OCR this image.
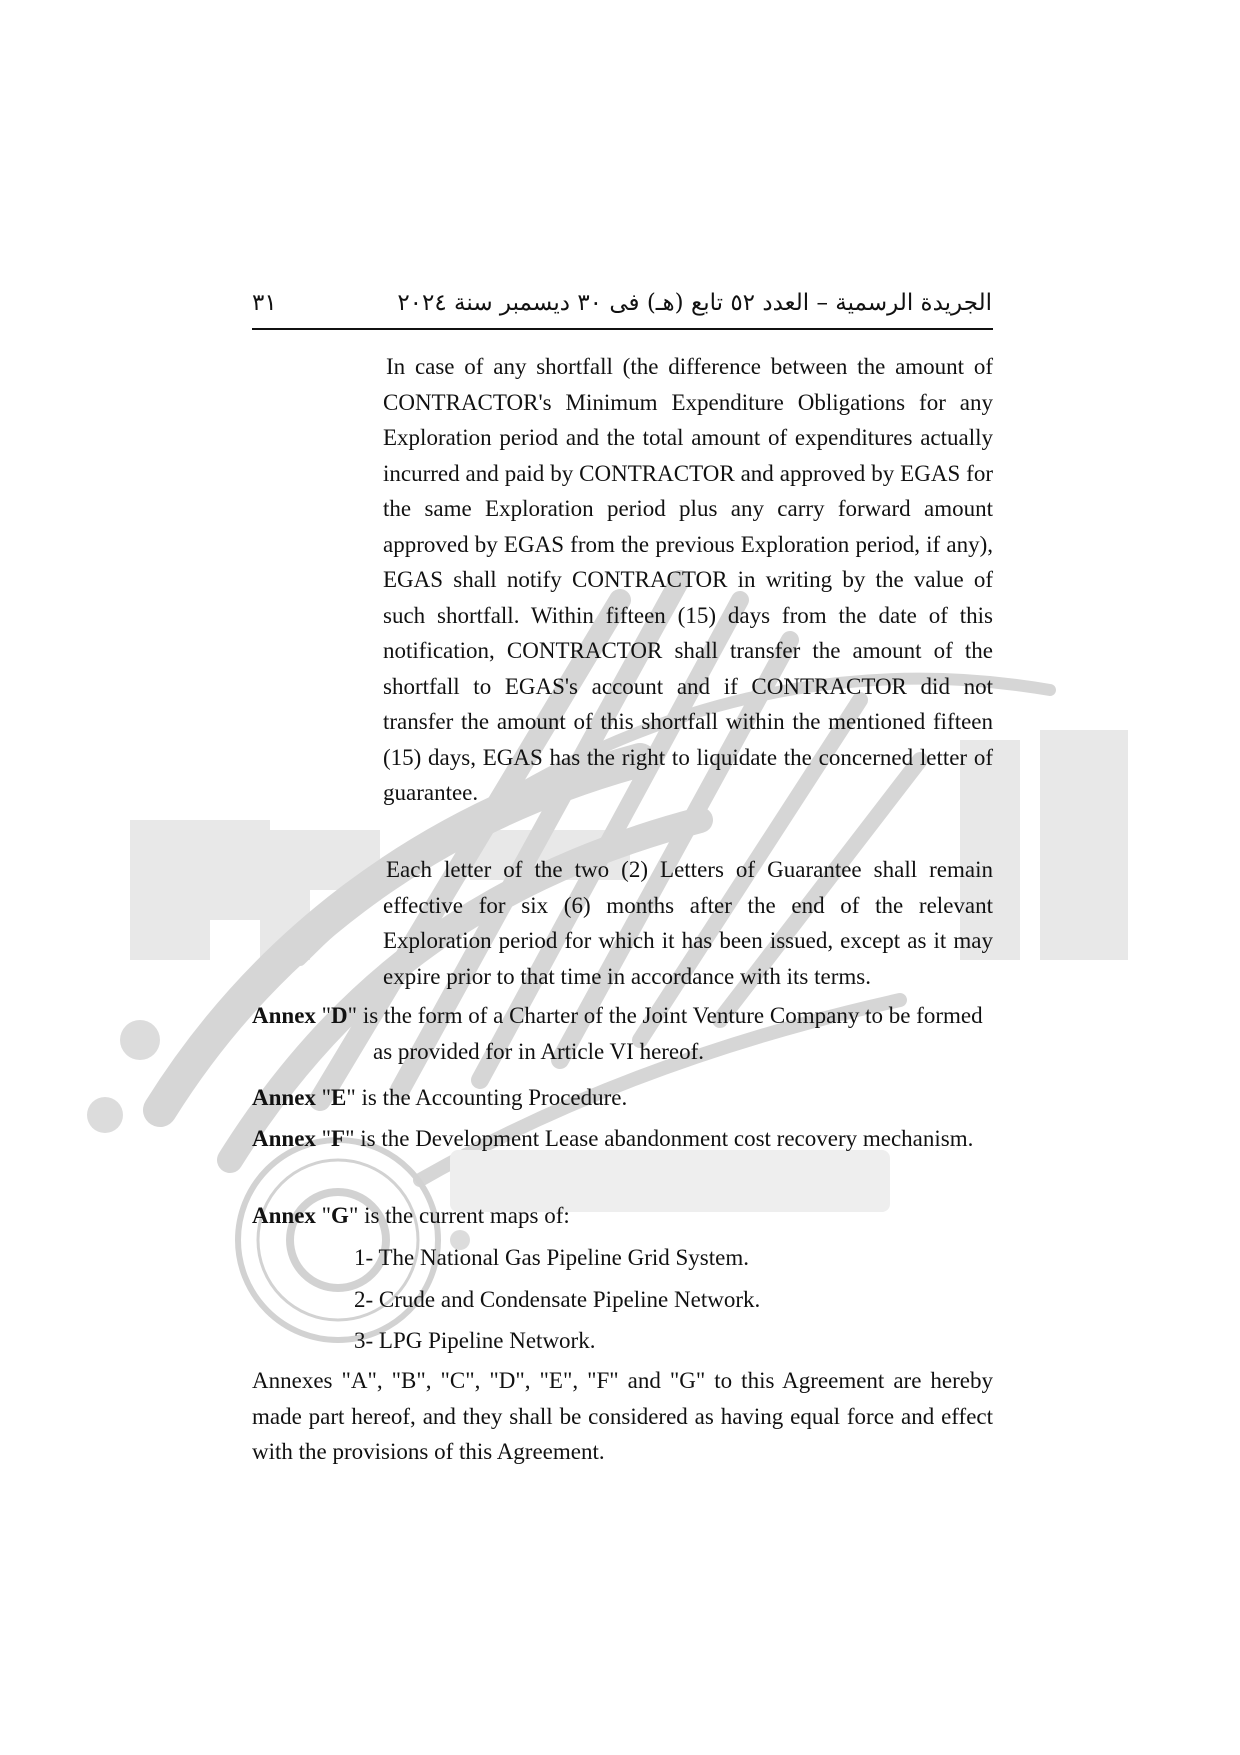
٣١	الجريدة الرسمية – العدد ٥٢ تابع (هـ) فى ٣٠ ديسمبر سنة ٢٠٢٤

In case of any shortfall (the difference between the amount of CONTRACTOR's Minimum Expenditure Obligations for any Exploration period and the total amount of expenditures actually incurred and paid by CONTRACTOR and approved by EGAS for the same Exploration period plus any carry forward amount approved by EGAS from the previous Exploration period, if any), EGAS shall notify CONTRACTOR in writing by the value of such shortfall. Within fifteen (15) days from the date of this notification, CONTRACTOR shall transfer the amount of the shortfall to EGAS's account and if CONTRACTOR did not transfer the amount of this shortfall within the mentioned fifteen (15) days, EGAS has the right to liquidate the concerned letter of guarantee.

Each letter of the two (2) Letters of Guarantee shall remain effective for six (6) months after the end of the relevant Exploration period for which it has been issued, except as it may expire prior to that time in accordance with its terms.

Annex "D" is the form of a Charter of the Joint Venture Company to be formed as provided for in Article VI hereof.

Annex "E" is the Accounting Procedure.

Annex "F" is the Development Lease abandonment cost recovery mechanism.

Annex "G" is the current maps of:

1- The National Gas Pipeline Grid System.
2- Crude and Condensate Pipeline Network.
3- LPG Pipeline Network.

Annexes "A", "B", "C", "D", "E", "F" and "G" to this Agreement are hereby made part hereof, and they shall be considered as having equal force and effect with the provisions of this Agreement.
